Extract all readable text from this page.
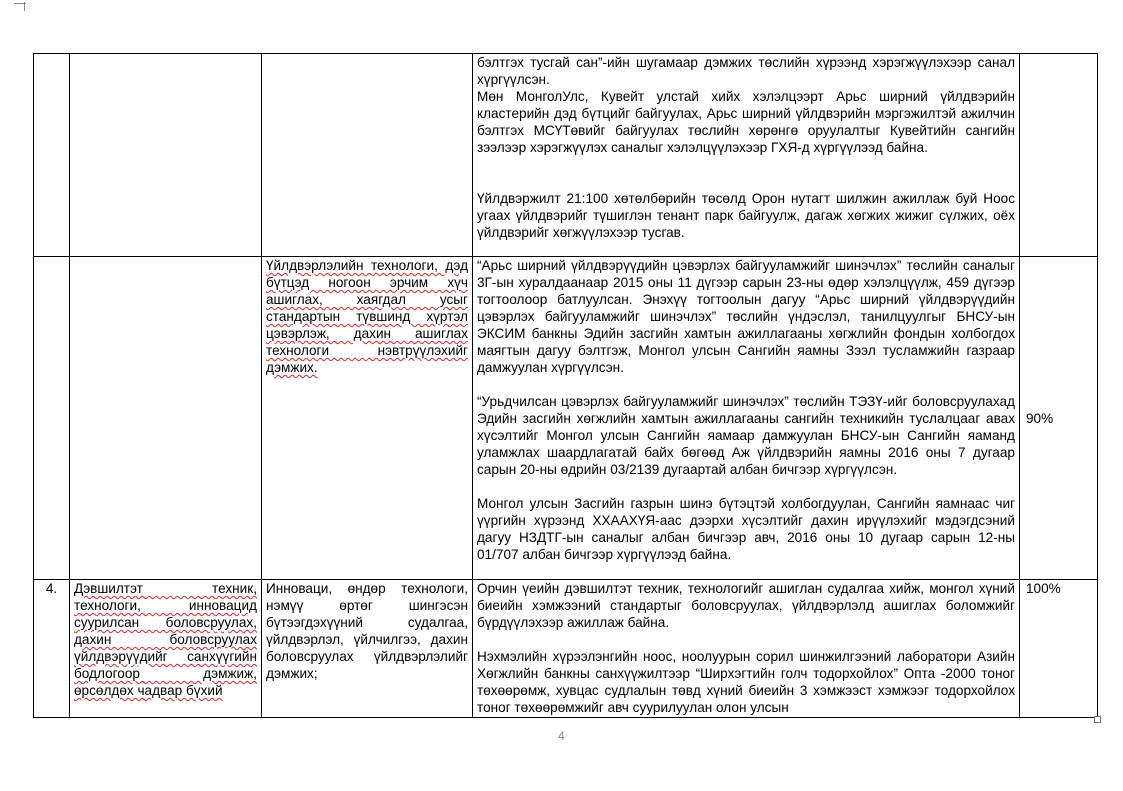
			бэлтгэх тусгай сан”-ийн шугамаар дэмжих төслийн хүрээнд хэрэгжүүлэхээр санал хүргүүлсэн.

Мөн МонголУлс, Кувейт улстай хийх хэлэлцээрт Арьс ширний үйлдвэрийн кластерийн дэд бүтцийг байгуулах, Арьс ширний үйлдвэрийн мэргэжилтэй ажилчин бэлтгэх МСҮТөвийг байгуулах төслийн хөрөнгө оруулалтыг Кувейтийн сангийн зээлээр хэрэгжүүлэх саналыг хэлэлцүүлэхээр ГХЯ-д хүргүүлээд байна.

Үйлдвэржилт 21:100 хөтөлбөрийн төсөлд Орон нутагт шилжин ажиллаж буй Ноос угаах үйлдвэрийг түшиглэн тенант парк байгуулж, дагаж хөгжих жижиг сүлжих, оёх үйлдвэрийг хөгжүүлэхээр тусгав.	

		Үйлдвэрлэлийн технологи, дэд бүтцэд ногоон эрчим хүч ашиглах, хаягдал усыг стандартын түвшинд хүртэл цэвэрлэж, дахин ашиглах технологи нэвтрүүлэхийг дэмжих.	“Арьс ширний үйлдвэрүүдийн цэвэрлэх байгууламжийг шинэчлэх” төслийн саналыг 3Г-ын хуралдаанаар 2015 оны 11 дүгээр сарын 23-ны өдөр хэлэлцүүлж, 459 дүгээр тогтоолоор батлуулсан. Энэхүү тогтоолын дагуу “Арьс ширний үйлдвэрүүдийн цэвэрлэх байгууламжийг шинэчлэх” төслийн үндэслэл, танилцуулгыг БНСУ-ын ЭКСИМ банкны Эдийн засгийн хамтын ажиллагааны хөгжлийн фондын холбогдох маягтын дагуу бэлтгэж, Монгол улсын Сангийн яамны Зээл тусламжийн газраар дамжуулан хүргүүлсэн.

“Урьдчилсан цэвэрлэх байгууламжийг шинэчлэх” төслийн ТЭЗҮ-ийг боловсруулахад Эдийн засгийн хөгжлийн хамтын ажиллагааны сангийн техникийн туслалцааг авах хүсэлтийг Монгол улсын Сангийн яамаар дамжуулан БНСУ-ын Сангийн яаманд уламжлах шаардлагатай байх бөгөөд Аж үйлдвэрийн яамны 2016 оны 7 дугаар сарын 20-ны өдрийн 03/2139 дугаартай албан бичгээр хүргүүлсэн.

Монгол улсын Засгийн газрын шинэ бүтэцтэй холбогдуулан, Сангийн яамнаас чиг үүргийн хүрээнд ХХААХҮЯ-аас дээрхи хүсэлтийг дахин ирүүлэхийг мэдэгдсэний дагуу НЗДТГ-ын саналыг албан бичгээр авч, 2016 оны 10 дугаар сарын 12-ны 01/707 албан бичгээр хүргүүлээд байна.	90%
4.	Дэвшилтэт техник, технологи, инновацид суурилсан боловсруулах, дахин боловсруулах үйлдвэрүүдийг санхүүгийн бодлогоор дэмжиж, өрсөлдөх чадвар бүхий	Инноваци, өндөр технологи, нэмүү өртөг шингэсэн бүтээгдэхүүний судалгаа, үйлдвэрлэл, үйлчилгээ, дахин боловсруулах үйлдвэрлэлийг дэмжих;	Орчин үеийн дэвшилтэт техник, технологийг ашиглан судалгаа хийж, монгол хүний биеийн хэмжээний стандартыг боловсруулах, үйлдвэрлэлд ашиглах боломжийг бүрдүүлэхээр ажиллаж байна.

Нэхмэлийн хүрээлэнгийн ноос, ноолуурын сорил шинжилгээний лаборатори Азийн Хөгжлийн банкны санхүүжилтээр “Ширхэгтийн голч тодорхойлох” Опта -2000 тоног төхөөрөмж, хувцас судлалын төвд хүний биеийн 3 хэмжээст хэмжээг тодорхойлох тоног төхөөрөмжийг авч суурилуулан олон улсын	100%
4
